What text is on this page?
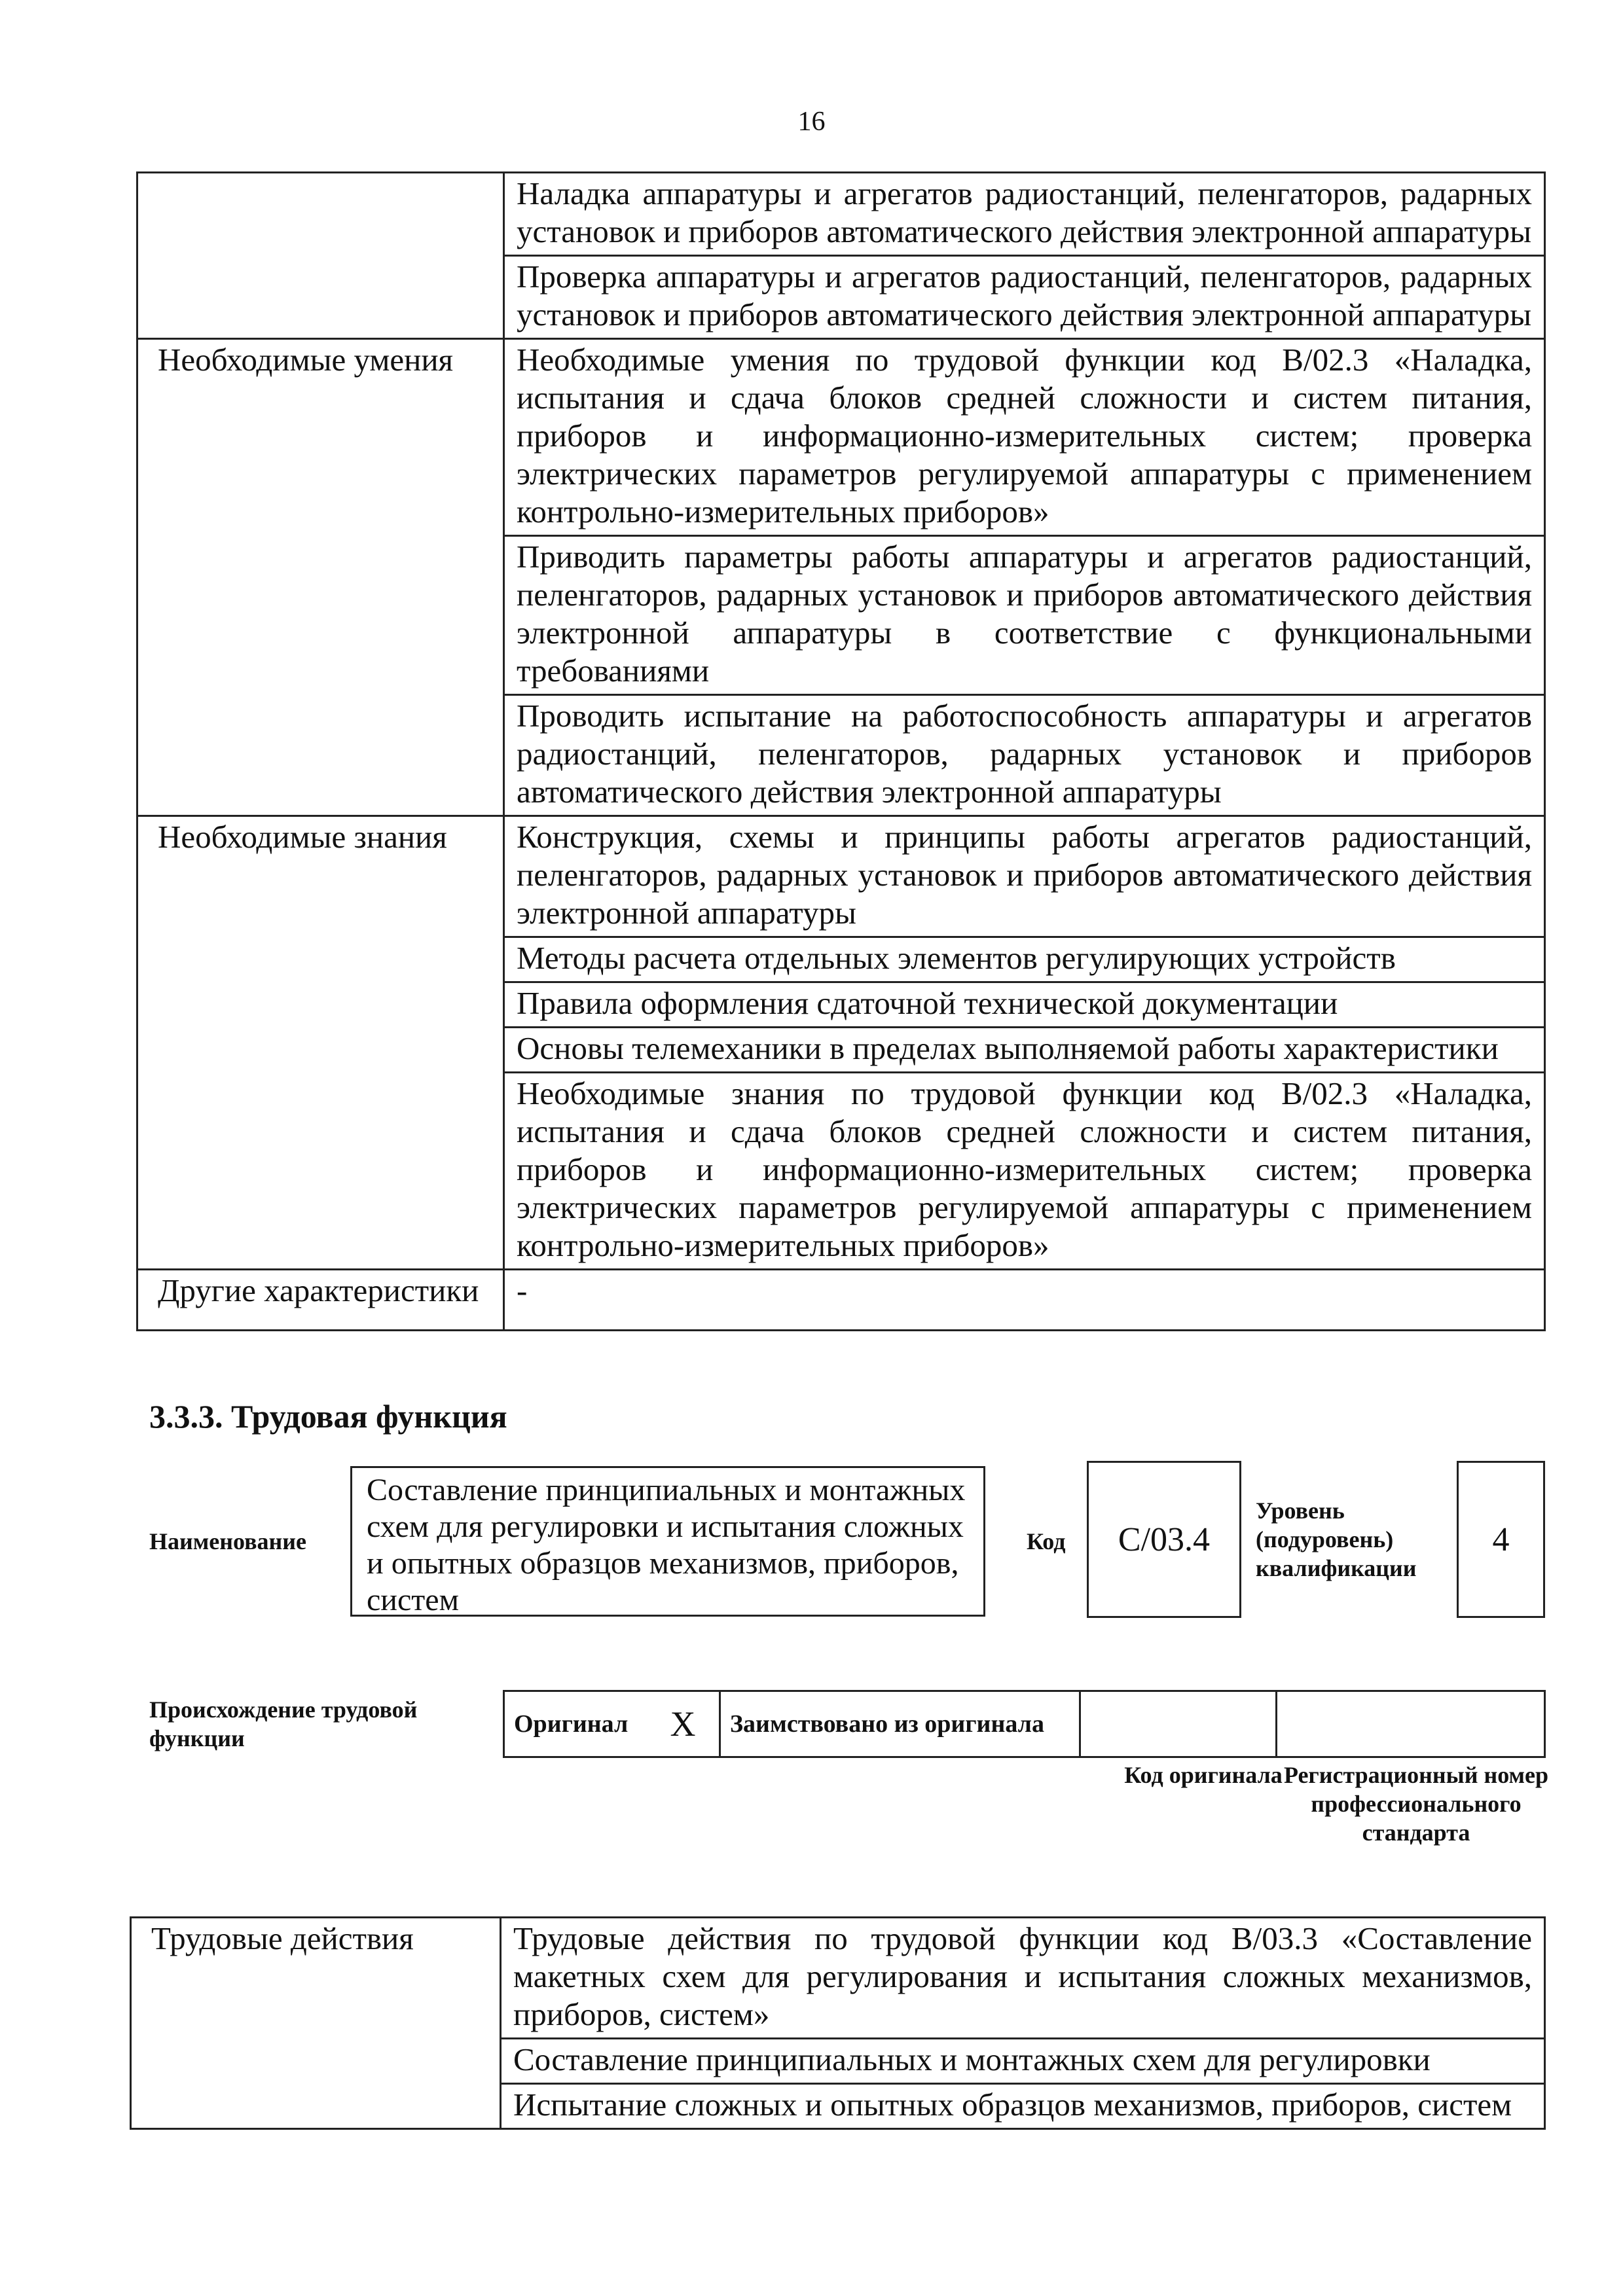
16
	Наладка аппаратуры и агрегатов радиостанций, пеленгаторов, радарных установок и приборов автоматического действия электронной аппаратуры
	Проверка аппаратуры и агрегатов радиостанций, пеленгаторов, радарных установок и приборов автоматического действия электронной аппаратуры
Необходимые умения	Необходимые умения по трудовой функции код B/02.3 «Наладка, испытания и сдача блоков средней сложности и систем питания, приборов и информационно-измерительных систем; проверка электрических параметров регулируемой аппаратуры с применением контрольно-измерительных приборов»
	Приводить параметры работы аппаратуры и агрегатов радиостанций, пеленгаторов, радарных установок и приборов автоматического действия электронной аппаратуры в соответствие с функциональными требованиями
	Проводить испытание на работоспособность аппаратуры и агрегатов радиостанций, пеленгаторов, радарных установок и приборов автоматического действия электронной аппаратуры
Необходимые знания	Конструкция, схемы и принципы работы агрегатов радиостанций, пеленгаторов, радарных установок и приборов автоматического действия электронной аппаратуры
	Методы расчета отдельных элементов регулирующих устройств
	Правила оформления сдаточной технической документации
	Основы телемеханики в пределах выполняемой работы характеристики
	Необходимые знания по трудовой функции код B/02.3 «Наладка, испытания и сдача блоков средней сложности и систем питания, приборов и информационно-измерительных систем; проверка электрических параметров регулируемой аппаратуры с применением контрольно-измерительных приборов»
Другие характеристики	-
3.3.3. Трудовая функция
Наименование
Составление принципиальных и монтажных схем для регулировки и испытания сложных и опытных образцов механизмов, приборов, систем
Код	C/03.4
Уровень (подуровень) квалификации
4
Происхождение трудовой функции
Оригинал	X	Заимствовано из оригинала		
Код оригинала Регистрационный номер профессионального стандарта
Трудовые действия	Трудовые действия по трудовой функции код B/03.3 «Составление макетных схем для регулирования и испытания сложных механизмов, приборов, систем»
Составление принципиальных и монтажных схем для регулировки
Испытание сложных и опытных образцов механизмов, приборов, систем
